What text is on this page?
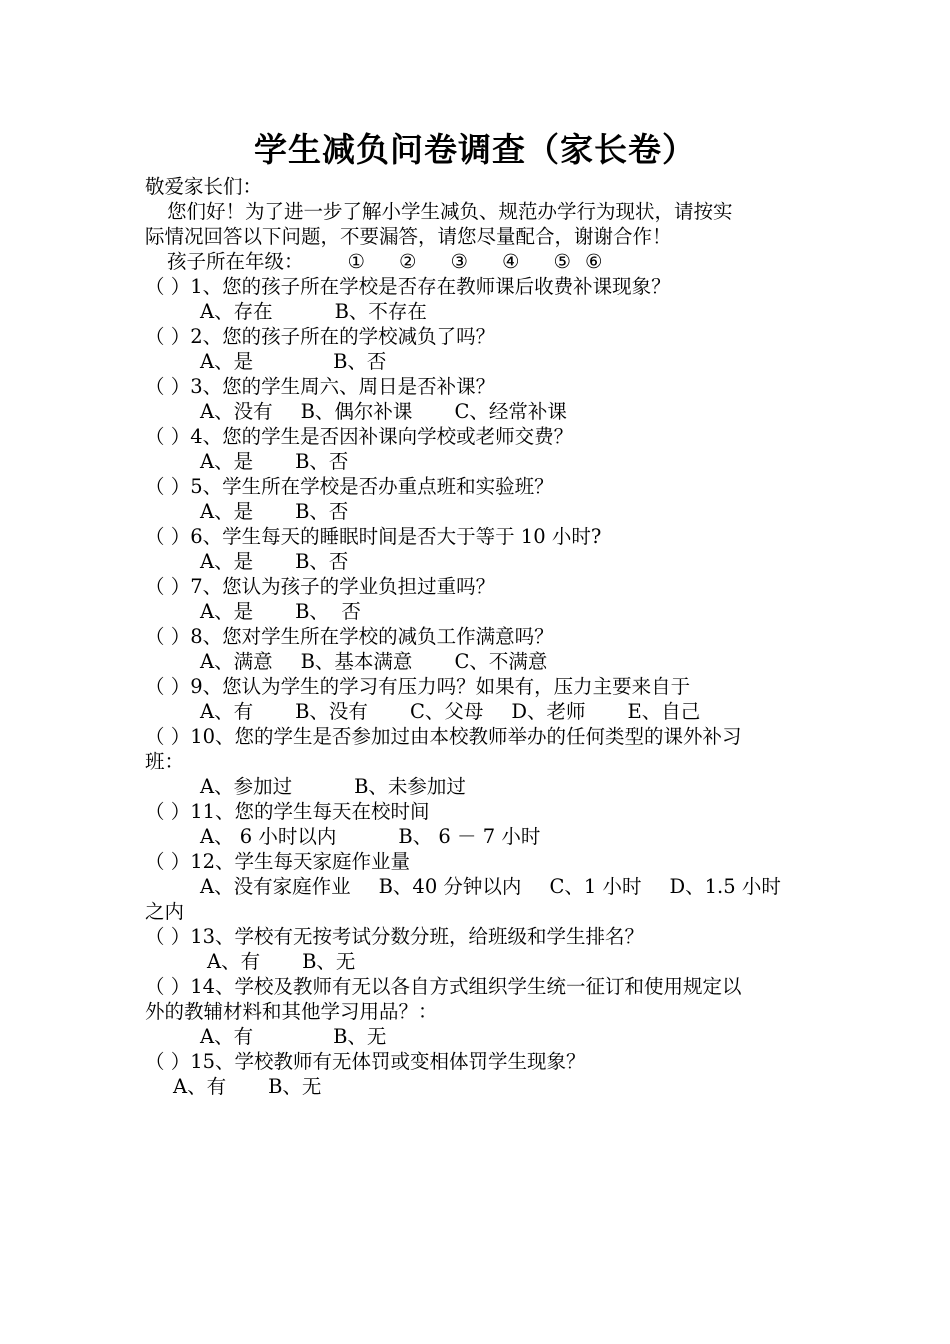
学生减负问卷调查（家长卷）
敬爱家长们：
您们好！为了进一步了解小学生减负、规范办学行为现状，请按实
际情况回答以下问题，不要漏答，请您尽量配合，谢谢合作！
孩子所在年级： ① ② ③ ④ ⑤ ⑥
（ ）1、您的孩子所在学校是否存在教师课后收费补课现象？
A、存在	B、不存在
（ ）2、您的孩子所在的学校减负了吗？
A、是	B、否
（ ）3、您的学生周六、周日是否补课？
A、没有 B、偶尔补课 C、经常补课
（ ）4、您的学生是否因补课向学校或老师交费？
A、是 B、否
（ ）5、学生所在学校是否办重点班和实验班？
A、是 B、否
（ ）6、学生每天的睡眠时间是否大于等于 10 小时?
A、是 B、否
（ ）7、您认为孩子的学业负担过重吗？
A、是 B、  否
（ ）8、您对学生所在学校的减负工作满意吗？
A、满意 B、基本满意 C、不满意
（ ）9、您认为学生的学习有压力吗？如果有，压力主要来自于
A、有 B、没有 C、父母 D、老师 E、自己
（ ）10、您的学生是否参加过由本校教师举办的任何类型的课外补习
班：
A、参加过	B、未参加过
（ ）11、您的学生每天在校时间
A、 6 小时以内	B、 6 － 7 小时
（ ）12、学生每天家庭作业量
A、没有家庭作业 B、40 分钟以内 C、1 小时 D、1.5 小时
之内
（ ）13、学校有无按考试分数分班，给班级和学生排名？
A、有 B、无
（ ）14、学校及教师有无以各自方式组织学生统一征订和使用规定以
外的教辅材料和其他学习用品？：
A、有	B、无
（ ）15、学校教师有无体罚或变相体罚学生现象？
A、有 B、无
